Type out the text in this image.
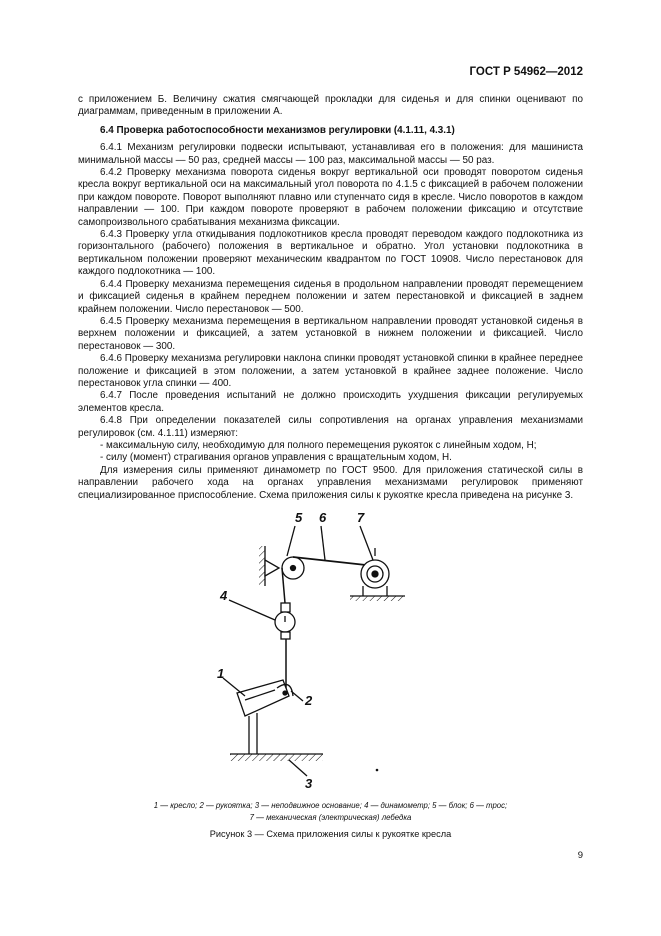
ГОСТ Р 54962—2012

с приложением Б. Величину сжатия смягчающей прокладки для сиденья и для спинки оценивают по диаграммам, приведенным в приложении А.

6.4 Проверка работоспособности механизмов регулировки (4.1.11, 4.3.1)

6.4.1 Механизм регулировки подвески испытывают, устанавливая его в положения: для машиниста минимальной массы — 50 раз, средней массы — 100 раз, максимальной массы — 50 раз.

6.4.2 Проверку механизма поворота сиденья вокруг вертикальной оси проводят поворотом сиденья кресла вокруг вертикальной оси на максимальный угол поворота по 4.1.5 с фиксацией в рабочем положении при каждом повороте. Поворот выполняют плавно или ступенчато сидя в кресле. Число поворотов в каждом направлении — 100. При каждом повороте проверяют в рабочем положении фиксацию и отсутствие самопроизвольного срабатывания механизма фиксации.

6.4.3 Проверку угла откидывания подлокотников кресла проводят переводом каждого подлокотника из горизонтального (рабочего) положения в вертикальное и обратно. Угол установки подлокотника в вертикальном положении проверяют механическим квадрантом по ГОСТ 10908. Число перестановок для каждого подлокотника — 100.

6.4.4 Проверку механизма перемещения сиденья в продольном направлении проводят перемещением и фиксацией сиденья в крайнем переднем положении и затем перестановкой и фиксацией в заднем крайнем положении. Число перестановок — 500.

6.4.5 Проверку механизма перемещения в вертикальном направлении проводят установкой сиденья в верхнем положении и фиксацией, а затем установкой в нижнем положении и фиксацией. Число перестановок — 300.

6.4.6 Проверку механизма регулировки наклона спинки проводят установкой спинки в крайнее переднее положение и фиксацией в этом положении, а затем установкой в крайнее заднее положение. Число перестановок угла спинки — 400.

6.4.7 После проведения испытаний не должно происходить ухудшения фиксации регулируемых элементов кресла.

6.4.8 При определении показателей силы сопротивления на органах управления механизмами регулировок (см. 4.1.11) измеряют:

- максимальную силу, необходимую для полного перемещения рукояток с линейным ходом, Н;

- силу (момент) страгивания органов управления с вращательным ходом, Н.

Для измерения силы применяют динамометр по ГОСТ 9500. Для приложения статической силы в направлении рабочего хода на органах управления механизмами регулировок применяют специализированное приспособление. Схема приложения силы к рукоятке кресла приведена на рисунке 3.

5 6 7
4
1
2
3
1 — кресло; 2 — рукоятка; 3 — неподвижное основание; 4 — динамометр; 5 — блок; 6 — трос;
7 — механическая (электрическая) лебедка
Рисунок 3 — Схема приложения силы к рукоятке кресла
9
